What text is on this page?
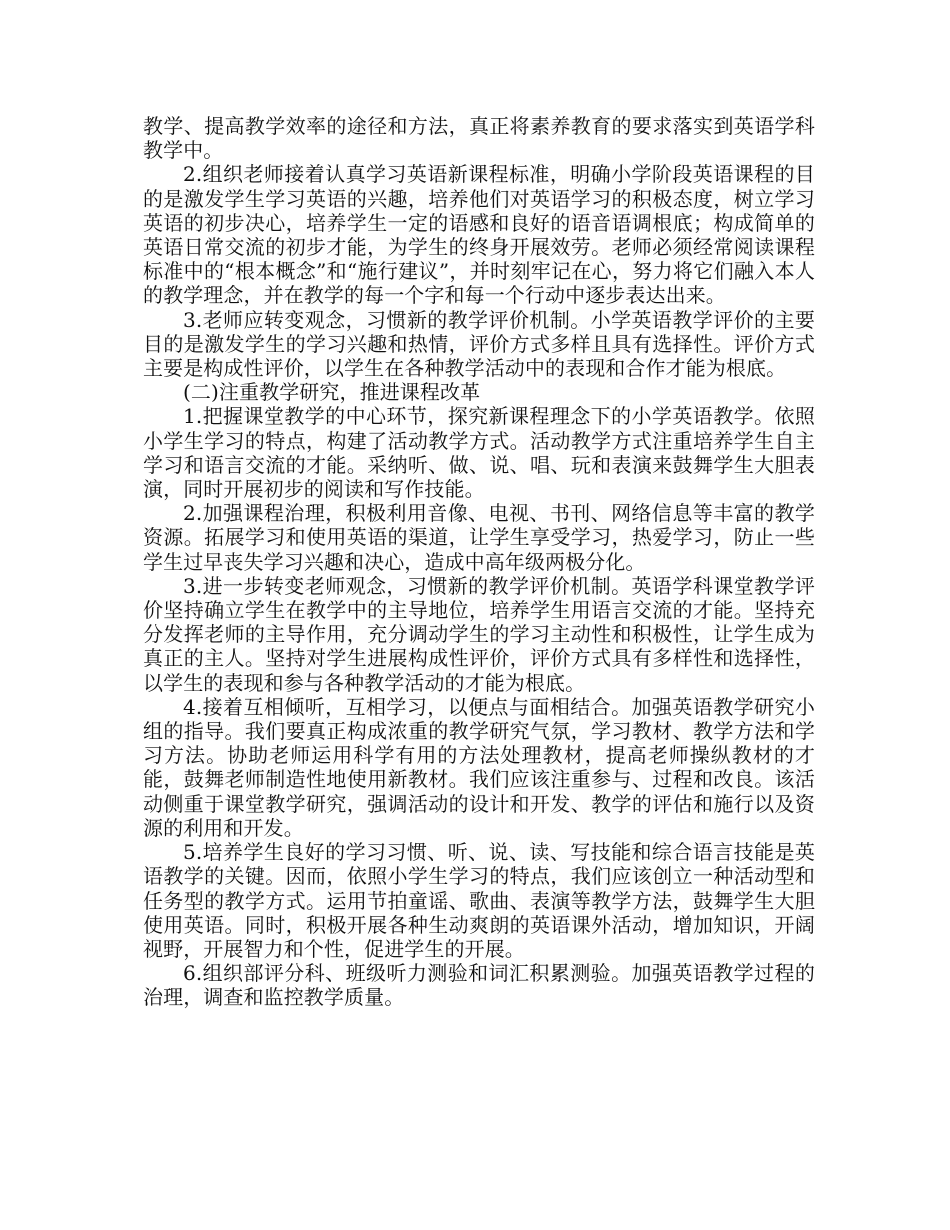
教学、提高教学效率的途径和方法，真正将素养教育的要求落实到英语学科教学中。

2.组织老师接着认真学习英语新课程标准，明确小学阶段英语课程的目的是激发学生学习英语的兴趣，培养他们对英语学习的积极态度，树立学习英语的初步决心，培养学生一定的语感和良好的语音语调根底；构成简单的英语日常交流的初步才能，为学生的终身开展效劳。老师必须经常阅读课程标准中的“根本概念”和“施行建议”，并时刻牢记在心，努力将它们融入本人的教学理念，并在教学的每一个字和每一个行动中逐步表达出来。

3.老师应转变观念，习惯新的教学评价机制。小学英语教学评价的主要目的是激发学生的学习兴趣和热情，评价方式多样且具有选择性。评价方式主要是构成性评价，以学生在各种教学活动中的表现和合作才能为根底。

(二)注重教学研究，推进课程改革

1.把握课堂教学的中心环节，探究新课程理念下的小学英语教学。依照小学生学习的特点，构建了活动教学方式。活动教学方式注重培养学生自主学习和语言交流的才能。采纳听、做、说、唱、玩和表演来鼓舞学生大胆表演，同时开展初步的阅读和写作技能。

2.加强课程治理，积极利用音像、电视、书刊、网络信息等丰富的教学资源。拓展学习和使用英语的渠道，让学生享受学习，热爱学习，防止一些学生过早丧失学习兴趣和决心，造成中高年级两极分化。

3.进一步转变老师观念，习惯新的教学评价机制。英语学科课堂教学评价坚持确立学生在教学中的主导地位，培养学生用语言交流的才能。坚持充分发挥老师的主导作用，充分调动学生的学习主动性和积极性，让学生成为真正的主人。坚持对学生进展构成性评价，评价方式具有多样性和选择性，以学生的表现和参与各种教学活动的才能为根底。

4.接着互相倾听，互相学习，以便点与面相结合。加强英语教学研究小组的指导。我们要真正构成浓重的教学研究气氛，学习教材、教学方法和学习方法。协助老师运用科学有用的方法处理教材，提高老师操纵教材的才能，鼓舞老师制造性地使用新教材。我们应该注重参与、过程和改良。该活动侧重于课堂教学研究，强调活动的设计和开发、教学的评估和施行以及资源的利用和开发。

5.培养学生良好的学习习惯、听、说、读、写技能和综合语言技能是英语教学的关键。因而，依照小学生学习的特点，我们应该创立一种活动型和任务型的教学方式。运用节拍童谣、歌曲、表演等教学方法，鼓舞学生大胆使用英语。同时，积极开展各种生动爽朗的英语课外活动，增加知识，开阔视野，开展智力和个性，促进学生的开展。

6.组织部评分科、班级听力测验和词汇积累测验。加强英语教学过程的治理，调查和监控教学质量。
